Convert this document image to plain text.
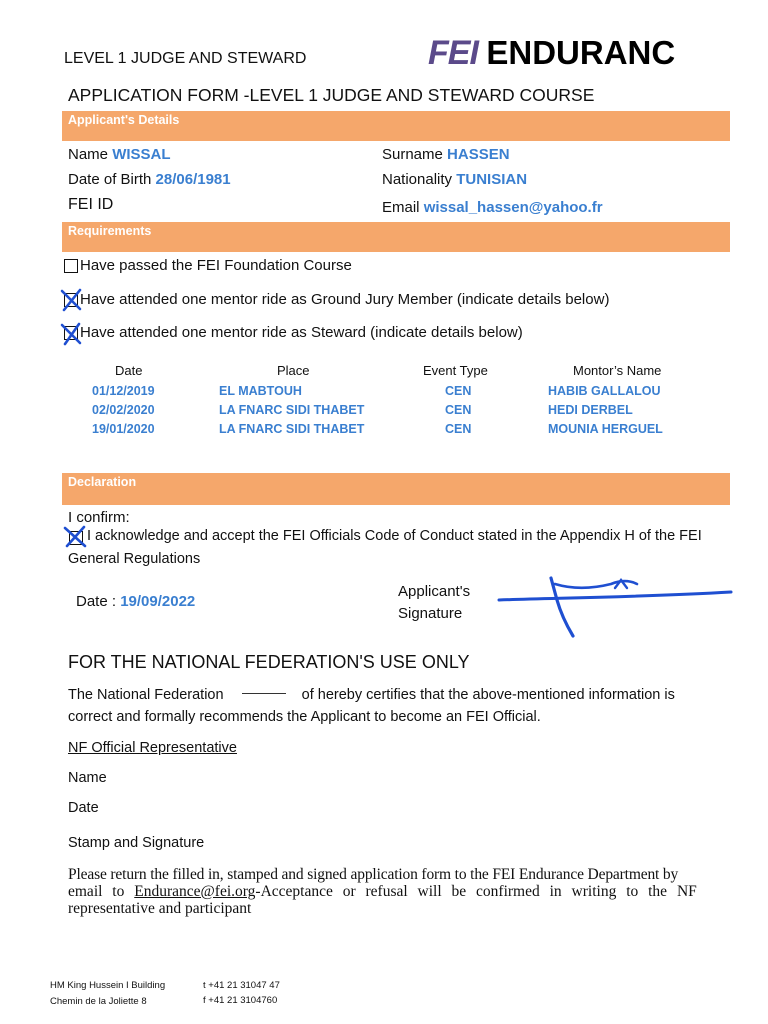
LEVEL 1 JUDGE AND STEWARD	FEI ENDURANC
APPLICATION FORM -LEVEL 1 JUDGE AND STEWARD COURSE
Applicant's Details
Name WISSAL	Surname HASSEN
Date of Birth 28/06/1981	Nationality TUNISIAN
FEI ID	Email wissal_hassen@yahoo.fr
Requirements
Have passed the FEI Foundation Course
Have attended one mentor ride as Ground Jury Member (indicate details below)
Have attended one mentor ride as Steward (indicate details below)
Date	Place	Event Type	Montor’s Name
01/12/2019	EL MABTOUH	CEN	HABIB GALLALOU
02/02/2020	LA FNARC SIDI THABET	CEN	HEDI DERBEL
19/01/2020	LA FNARC SIDI THABET	CEN	MOUNIA HERGUEL
Declaration
I confirm:
I acknowledge and accept the FEI Officials Code of Conduct stated in the Appendix H of the FEI
General Regulations
Date : 19/09/2022
Applicant's
Signature
FOR THE NATIONAL FEDERATION'S USE ONLY
The National Federation	of hereby certifies that the above-mentioned information is
correct and formally recommends the Applicant to become an FEI Official.
NF Official Representative
Name
Date
Stamp and Signature
Please return the filled in, stamped and signed application form to the FEI Endurance Department by
email to Endurance@fei.org-Acceptance or refusal will be confirmed in writing to the NF
representative and participant
HM King Hussein I Building
Chemin de la Joliette 8
t +41 21 31047 47
f +41 21 3104760
